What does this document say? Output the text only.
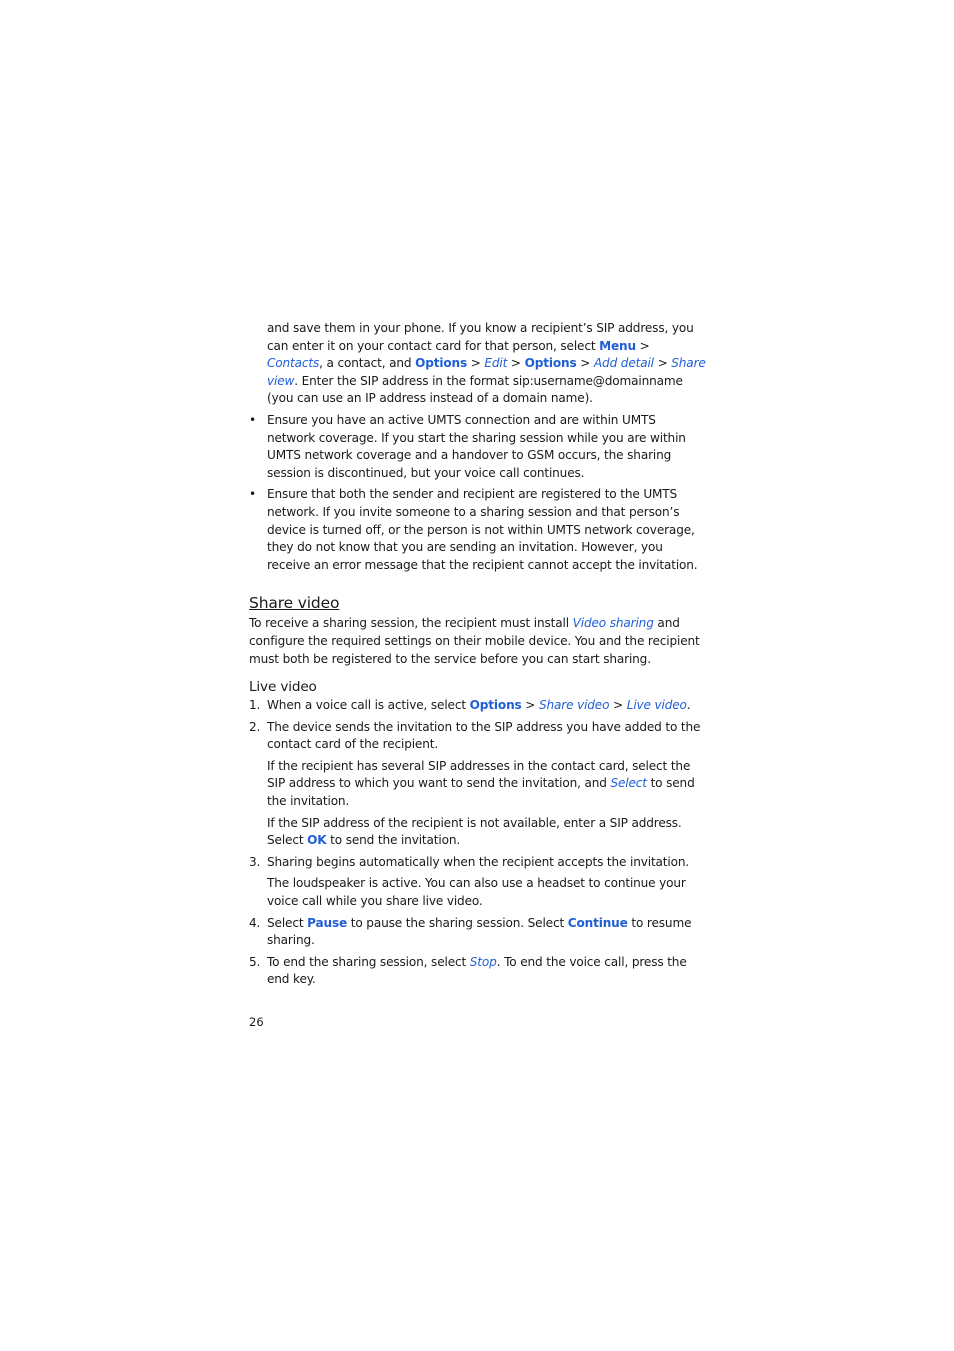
and save them in your phone. If you know a recipient’s SIP address, you can enter it on your contact card for that person, select Menu > Contacts, a contact, and Options > Edit > Options > Add detail > Share view. Enter the SIP address in the format sip:username@domainname (you can use an IP address instead of a domain name).

• Ensure you have an active UMTS connection and are within UMTS network coverage. If you start the sharing session while you are within UMTS network coverage and a handover to GSM occurs, the sharing session is discontinued, but your voice call continues.
• Ensure that both the sender and recipient are registered to the UMTS network. If you invite someone to a sharing session and that person’s device is turned off, or the person is not within UMTS network coverage, they do not know that you are sending an invitation. However, you receive an error message that the recipient cannot accept the invitation.
Share video

To receive a sharing session, the recipient must install Video sharing and configure the required settings on their mobile device. You and the recipient must both be registered to the service before you can start sharing.

Live video
1. When a voice call is active, select Options > Share video > Live video.

2. The device sends the invitation to the SIP address you have added to the contact card of the recipient.

If the recipient has several SIP addresses in the contact card, select the SIP address to which you want to send the invitation, and Select to send the invitation.

If the SIP address of the recipient is not available, enter a SIP address. Select OK to send the invitation.

3. Sharing begins automatically when the recipient accepts the invitation.

The loudspeaker is active. You can also use a headset to continue your voice call while you share live video.

4. Select Pause to pause the sharing session. Select Continue to resume sharing.

5. To end the sharing session, select Stop. To end the voice call, press the end key.

26
